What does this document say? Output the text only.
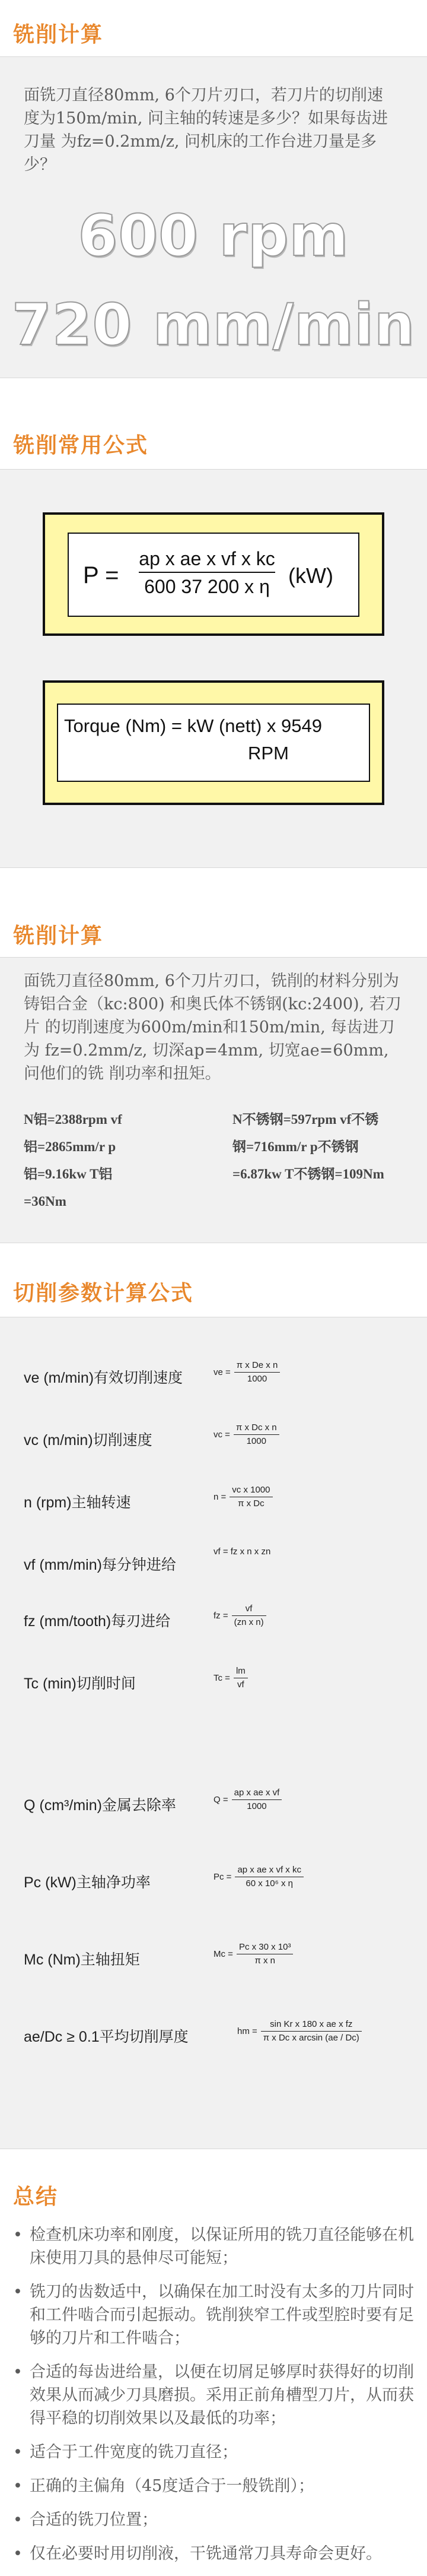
铣削计算
面铣刀直径80mm, 6个刀片刃口，若刀片的切削速 度为150m/min, 问主轴的转速是多少？如果每齿进刀量 为fz=0.2mm/z, 问机床的工作台进刀量是多少？
600 rpm
720 mm/min
铣削常用公式
$P = \frac{\text{ap x ae x vf x kc}}{\text{600 37 200 x η}} (kW)$
Torque (Nm) = kW (nett) x 9549
RPM
铣削计算
面铣刀直径80mm, 6个刀片刃口，铣削的材料分别为铸铝合金（kc:800) 和奥氏体不锈钢(kc:2400), 若刀片 的切削速度为600m/min和150m/min, 每齿进刀为 fz=0.2mm/z, 切深ap=4mm, 切宽ae=60mm, 问他们的铣 削功率和扭矩。
N铝=2388rpm vf
铝=2865mm/r p
铝=9.16kw T铝
=36Nm
N不锈钢=597rpm vf不锈
钢=716mm/r p不锈钢
=6.87kw T不锈钢=109Nm
切削参数计算公式
ve (m/min)有效切削速度	ve = $\frac{\text{π x De x n}}{1000}$
vc (m/min)切削速度	vc = $\frac{\text{π x Dc x n}}{1000}$
n (rpm)主轴转速	$n = \frac{\text{vc x 1000}}{\text{π x Dc}}$
vf (mm/min)每分钟进给
vf = fz x n x zn
fz (mm/tooth)每刃进给	fz = $\frac{vf}{\text{(zn x n)}}$
Tc (min)切削时间	$Tc = \frac{lm}{vf}$
Q (cm³/min)金属去除率	$Q = \frac{\text{ap x ae x vf}}{1000}$
Pc (kW)主轴净功率	$Pc = \frac{\text{ap x ae x vf x kc}}{\text{60 x 10⁶ x η}}$
Mc (Nm)主轴扭矩	$Mc = \frac{\text{Pc x 30 x 10³}}{\text{π x n}}$
ae/Dc ≥ 0.1平均切削厚度	hm = $\frac{\text{sin Kr x 180 x ae x fz}}{\text{π x Dc x arcsin (ae / Dc)}}$
总结
• 检查机床功率和刚度，以保证所用的铣刀直径能够在机床使用刀具的悬伸尽可能短；
• 铣刀的齿数适中，以确保在加工时没有太多的刀片同时和工件啮合而引起振动。铣削狭窄工件或型腔时要有足够的刀片和工件啮合；
• 合适的每齿进给量，以便在切屑足够厚时获得好的切削效果从而减少刀具磨损。采用正前角槽型刀片，从而获得平稳的切削效果以及最低的功率；
• 适合于工件宽度的铣刀直径；
• 正确的主偏角（45度适合于一般铣削）；
• 合适的铣刀位置；
• 仅在必要时用切削液，干铣通常刀具寿命会更好。
